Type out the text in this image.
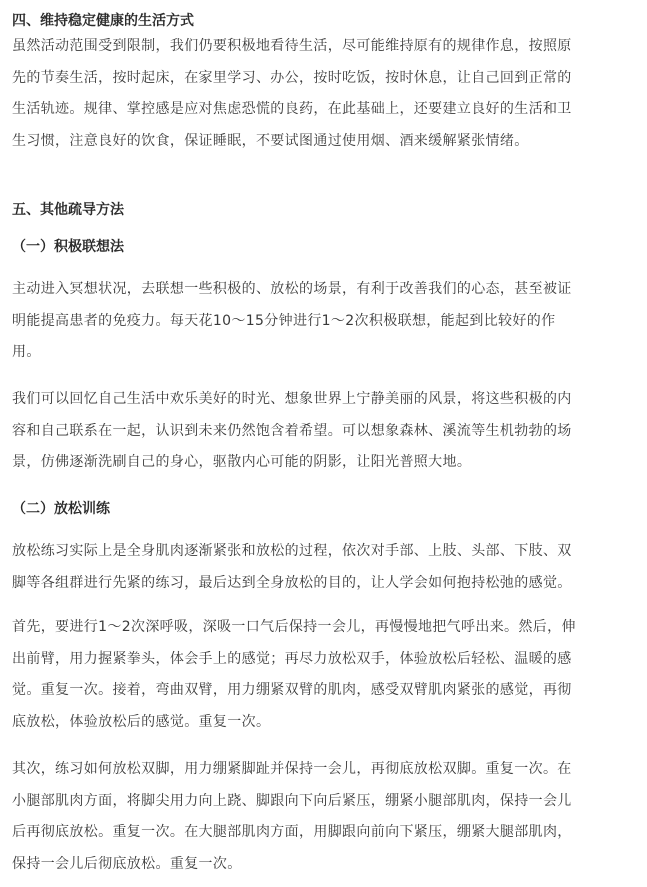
四、维持稳定健康的生活方式

虽然活动范围受到限制，我们仍要积极地看待生活，尽可能维持原有的规律作息，按照原
先的节奏生活，按时起床，在家里学习、办公，按时吃饭，按时休息，让自己回到正常的
生活轨迹。规律、掌控感是应对焦虑恐慌的良药，在此基础上，还要建立良好的生活和卫
生习惯，注意良好的饮食，保证睡眠，不要试图通过使用烟、酒来缓解紧张情绪。

五、其他疏导方法
（一）积极联想法

主动进入冥想状况，去联想一些积极的、放松的场景，有利于改善我们的心态，甚至被证
明能提高患者的免疫力。每天花10～15分钟进行1～2次积极联想，能起到比较好的作
用。

我们可以回忆自己生活中欢乐美好的时光、想象世界上宁静美丽的风景，将这些积极的内
容和自己联系在一起，认识到未来仍然饱含着希望。可以想象森林、溪流等生机勃勃的场
景，仿佛逐渐洗刷自己的身心，驱散内心可能的阴影，让阳光普照大地。

（二）放松训练

放松练习实际上是全身肌肉逐渐紧张和放松的过程，依次对手部、上肢、头部、下肢、双
脚等各组群进行先紧的练习，最后达到全身放松的目的，让人学会如何抱持松弛的感觉。

首先，要进行1～2次深呼吸，深吸一口气后保持一会儿，再慢慢地把气呼出来。然后，伸
出前臂，用力握紧拳头，体会手上的感觉；再尽力放松双手，体验放松后轻松、温暖的感
觉。重复一次。接着，弯曲双臂，用力绷紧双臂的肌肉，感受双臂肌肉紧张的感觉，再彻
底放松，体验放松后的感觉。重复一次。

其次，练习如何放松双脚，用力绷紧脚趾并保持一会儿，再彻底放松双脚。重复一次。在
小腿部肌肉方面，将脚尖用力向上跷、脚跟向下向后紧压，绷紧小腿部肌肉，保持一会儿
后再彻底放松。重复一次。在大腿部肌肉方面，用脚跟向前向下紧压，绷紧大腿部肌肉，
保持一会儿后彻底放松。重复一次。
